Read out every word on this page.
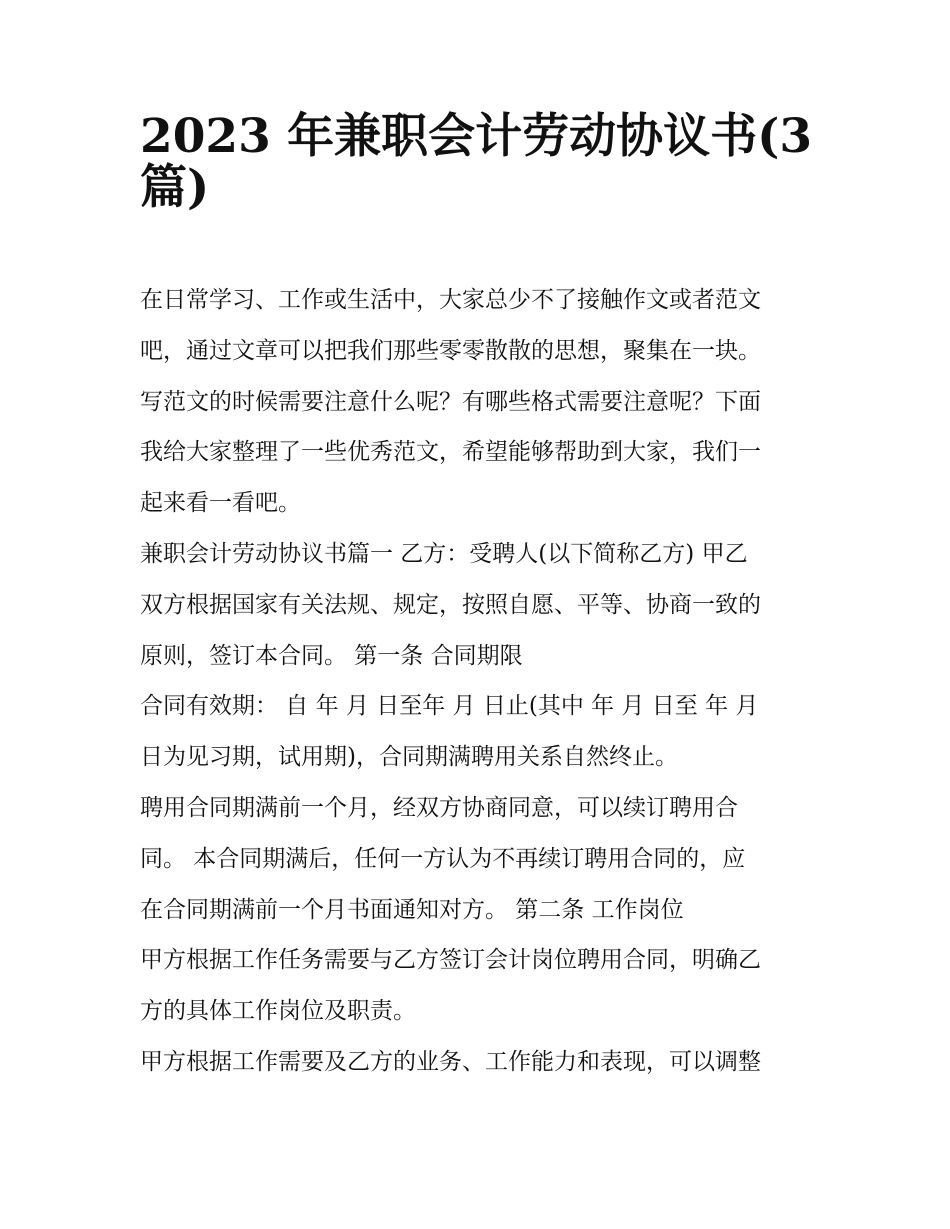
2023 年兼职会计劳动协议书(3
篇)

在日常学习、工作或生活中，大家总少不了接触作文或者范文
吧，通过文章可以把我们那些零零散散的思想，聚集在一块。
写范文的时候需要注意什么呢？有哪些格式需要注意呢？下面
我给大家整理了一些优秀范文，希望能够帮助到大家，我们一
起来看一看吧。

兼职会计劳动协议书篇一 乙方：受聘人(以下简称乙方) 甲乙
双方根据国家有关法规、规定，按照自愿、平等、协商一致的
原则，签订本合同。 第一条 合同期限

合同有效期： 自 年 月 日至年 月 日止(其中 年 月 日至 年 月
日为见习期，试用期)，合同期满聘用关系自然终止。

聘用合同期满前一个月，经双方协商同意，可以续订聘用合
同。 本合同期满后，任何一方认为不再续订聘用合同的，应
在合同期满前一个月书面通知对方。 第二条 工作岗位

甲方根据工作任务需要与乙方签订会计岗位聘用合同，明确乙
方的具体工作岗位及职责。

甲方根据工作需要及乙方的业务、工作能力和表现，可以调整
